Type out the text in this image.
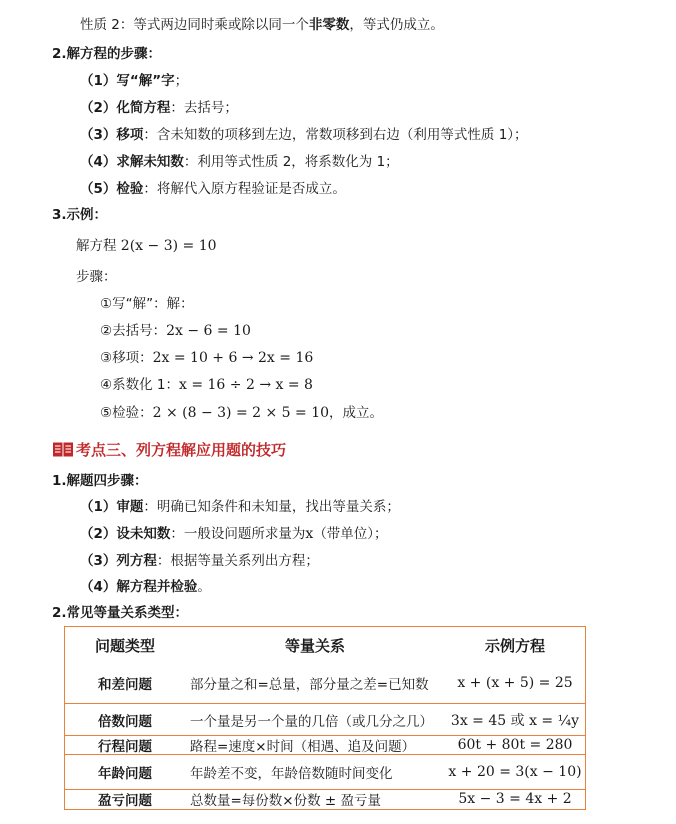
性质 2：等式两边同时乘或除以同一个非零数，等式仍成立。
2.解方程的步骤：
（1）写“解”字；
（2）化简方程：去括号；
（3）移项：含未知数的项移到左边，常数项移到右边（利用等式性质 1）；
（4）求解未知数：利用等式性质 2，将系数化为 1；
（5）检验：将解代入原方程验证是否成立。
3.示例：
解方程 2(x − 3) = 10
步骤：
①写“解”：解：
②去括号：2x − 6 = 10
③移项：2x = 10 + 6 → 2x = 16
④系数化 1：x = 16 ÷ 2 → x = 8
⑤检验：2 × (8 − 3) = 2 × 5 = 10，成立。
考点三、列方程解应用题的技巧
1.解题四步骤：
（1）审题：明确已知条件和未知量，找出等量关系；
（2）设未知数：一般设问题所求量为x（带单位）；
（3）列方程：根据等量关系列出方程；
（4）解方程并检验。
2.常见等量关系类型：
问题类型	等量关系	示例方程
和差问题	部分量之和=总量，部分量之差=已知数	x + (x + 5) = 25
倍数问题	一个量是另一个量的几倍（或几分之几）	3x = 45 或 x = ¼y
行程问题	路程=速度×时间（相遇、追及问题）	60t + 80t = 280
年龄问题	年龄差不变，年龄倍数随时间变化	x + 20 = 3(x − 10)
盈亏问题	总数量=每份数×份数 ± 盈亏量	5x − 3 = 4x + 2
